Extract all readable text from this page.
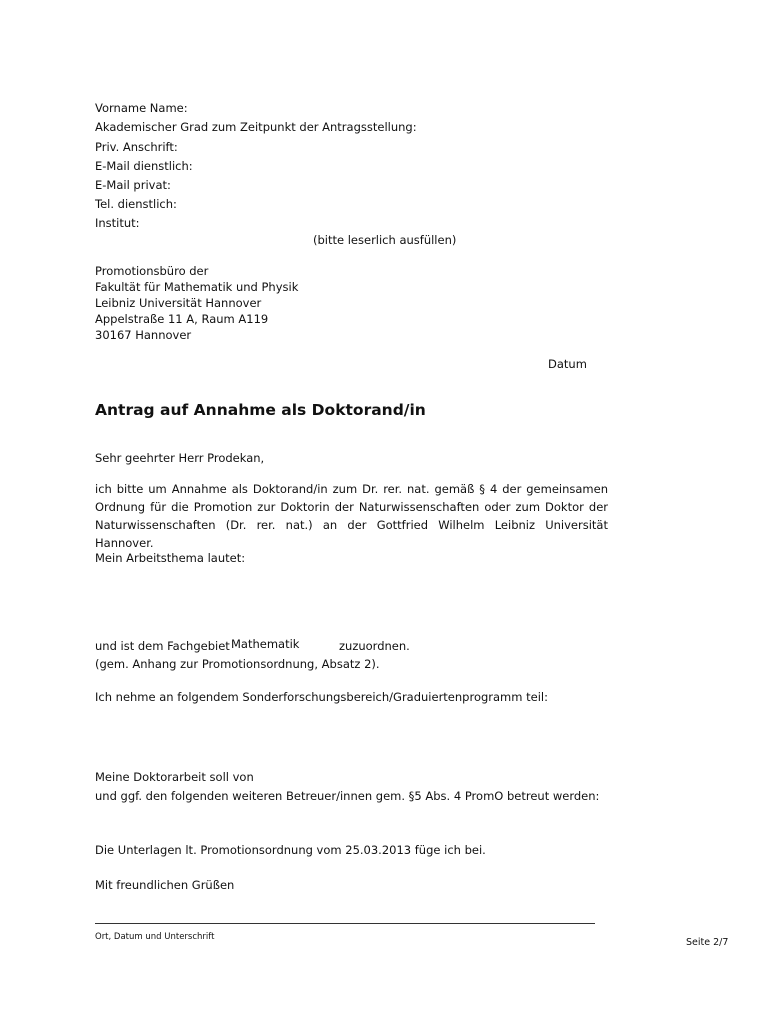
Vorname Name:
Akademischer Grad zum Zeitpunkt der Antragsstellung:
Priv. Anschrift:
E-Mail dienstlich:
E-Mail privat:
Tel. dienstlich:
Institut:
(bitte leserlich ausfüllen)
Promotionsbüro der
Fakultät für Mathematik und Physik
Leibniz Universität Hannover
Appelstraße 11 A, Raum A119
30167 Hannover
Datum
Antrag auf Annahme als Doktorand/in
Sehr geehrter Herr Prodekan,
ich bitte um Annahme als Doktorand/in zum Dr. rer. nat. gemäß § 4 der gemeinsamen Ordnung für die Promotion zur Doktorin der Naturwissenschaften oder zum Doktor der Naturwissenschaften (Dr. rer. nat.) an der Gottfried Wilhelm Leibniz Universität Hannover.
Mein Arbeitsthema lautet:
und ist dem Fachgebiet Mathematik	zuzuordnen.
(gem. Anhang zur Promotionsordnung, Absatz 2).
Ich nehme an folgendem Sonderforschungsbereich/Graduiertenprogramm teil:
Meine Doktorarbeit soll von
und ggf. den folgenden weiteren Betreuer/innen gem. §5 Abs. 4 PromO betreut werden:
Die Unterlagen lt. Promotionsordnung vom 25.03.2013 füge ich bei.
Mit freundlichen Grüßen
Ort, Datum und Unterschrift	Seite 2/7
